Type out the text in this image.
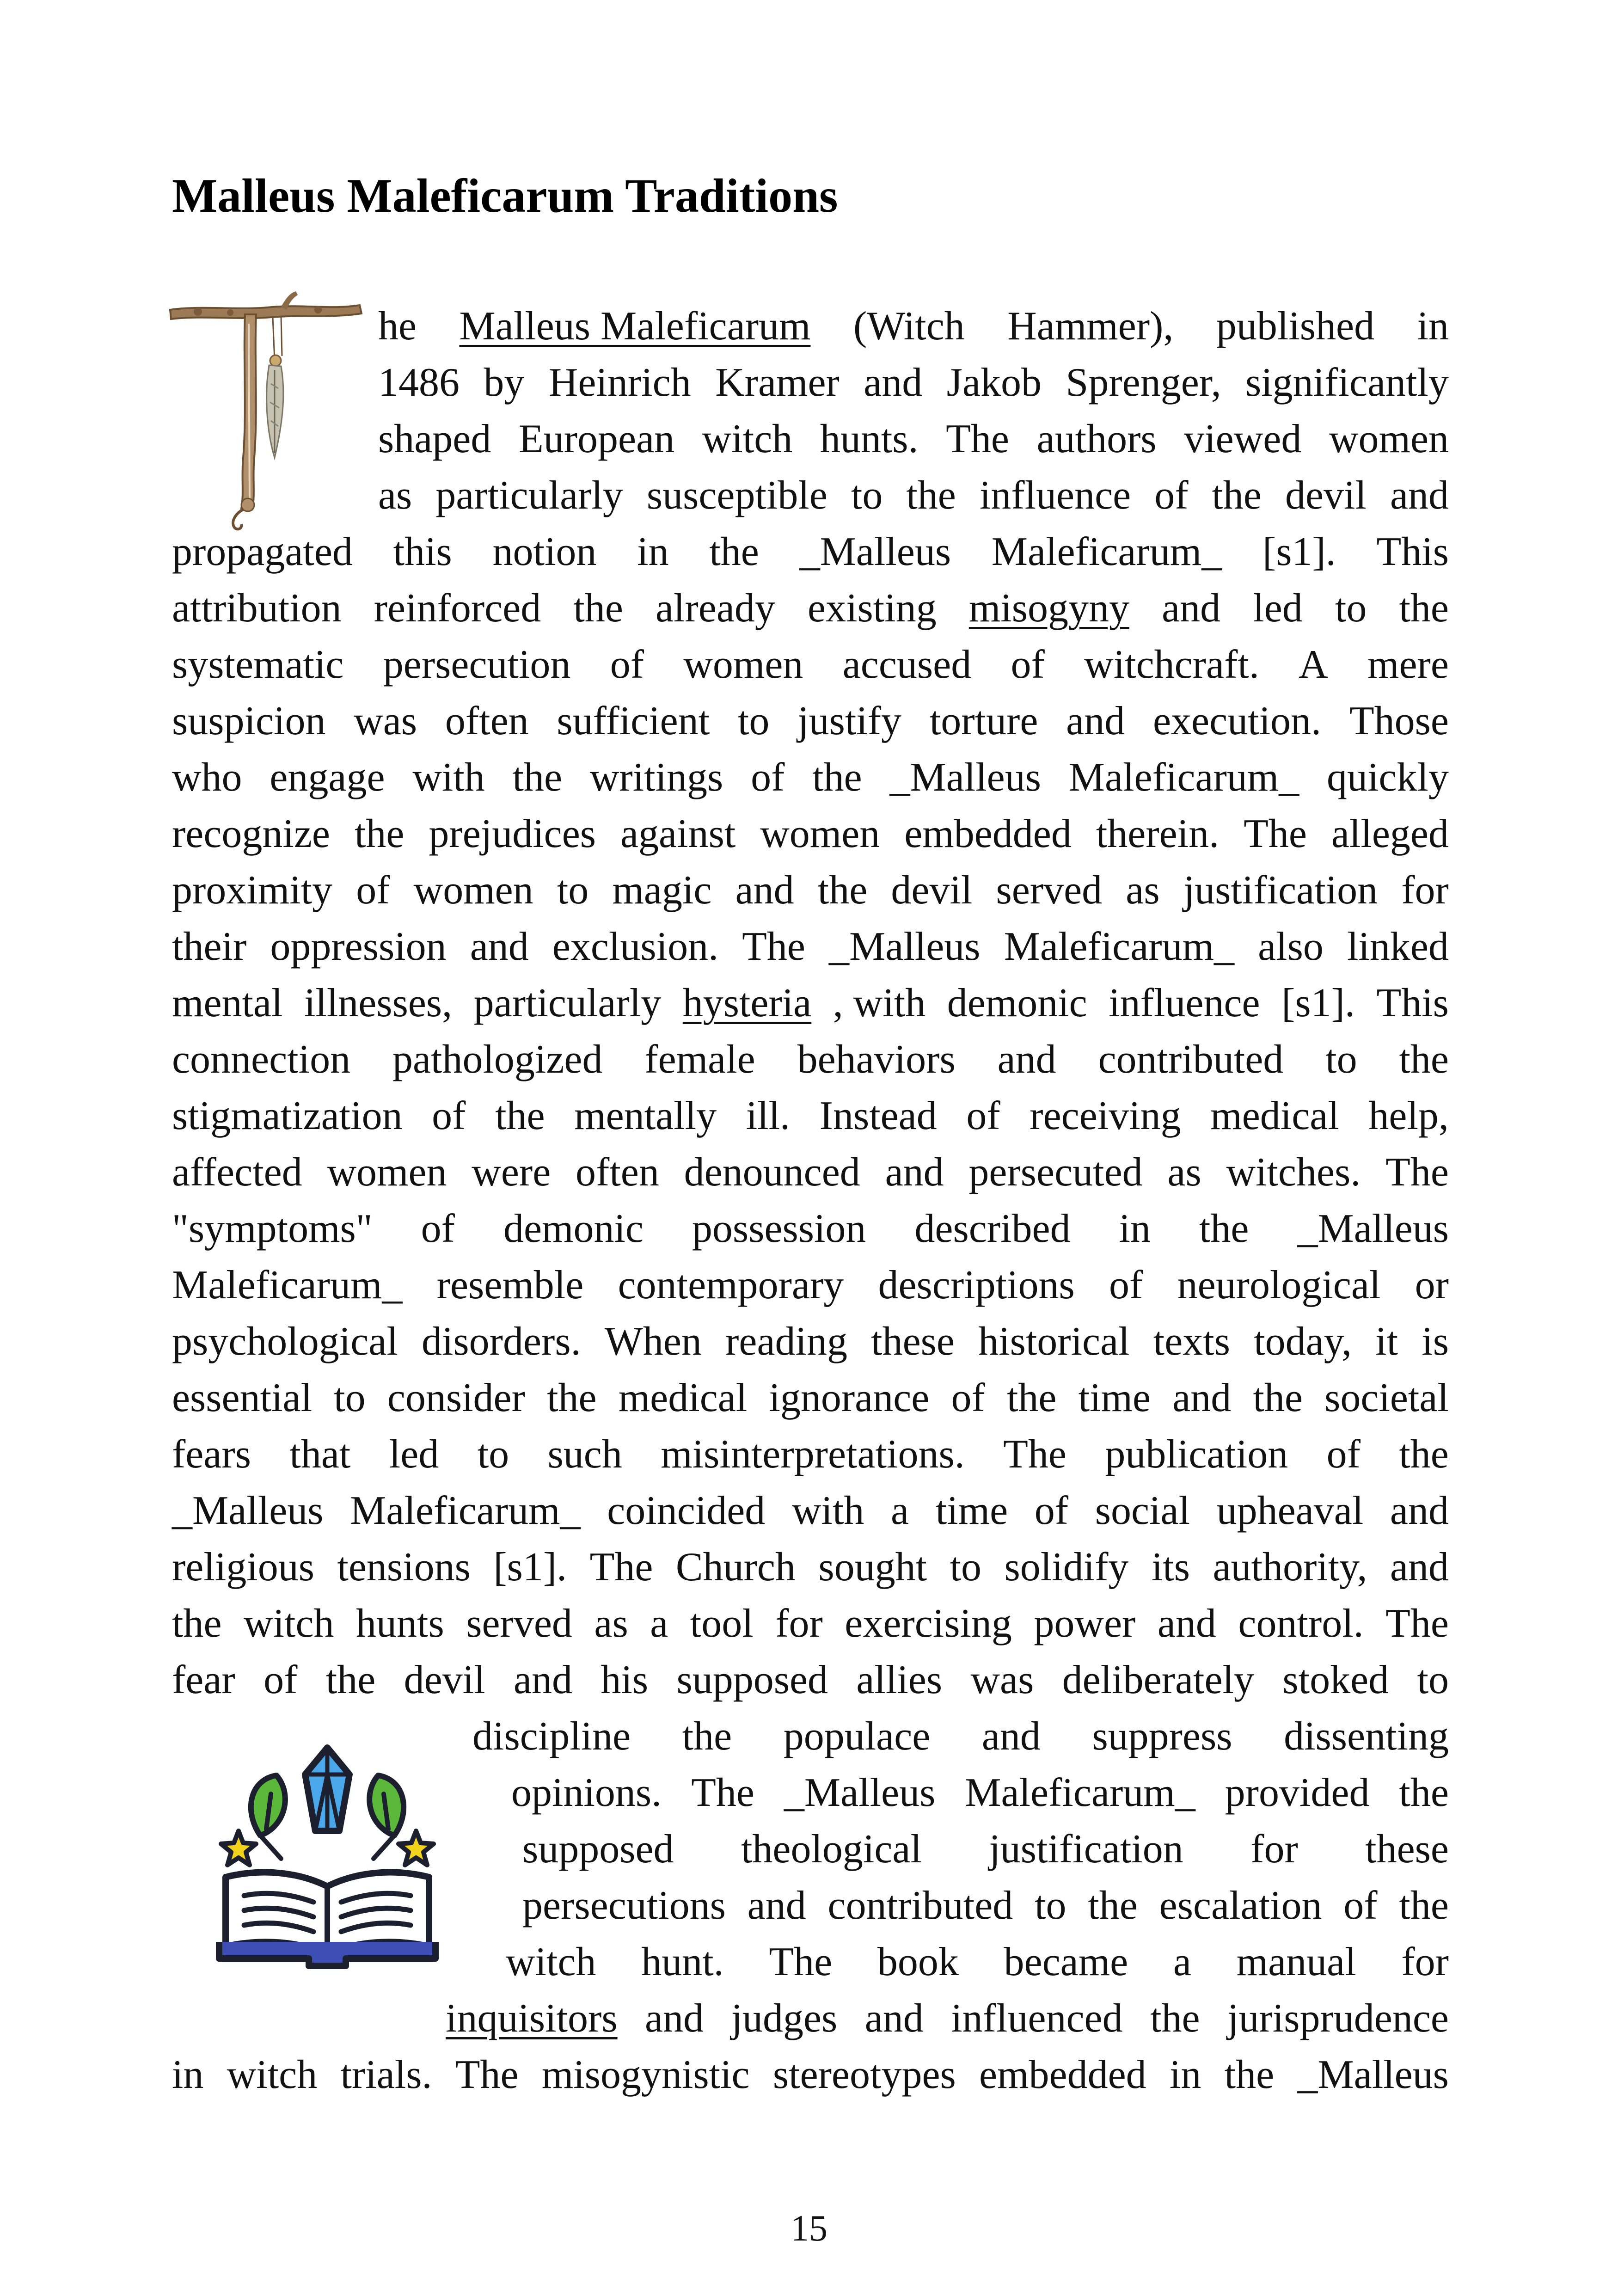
Malleus Maleficarum Traditions
he Malleus Maleficarum (Witch Hammer), published in
1486 by Heinrich Kramer and Jakob Sprenger, significantly
shaped European witch hunts. The authors viewed women
as particularly susceptible to the influence of the devil and
propagated this notion in the _Malleus Maleficarum_ [s1]. This
attribution reinforced the already existing misogyny and led to the
systematic persecution of women accused of witchcraft. A mere
suspicion was often sufficient to justify torture and execution. Those
who engage with the writings of the _Malleus Maleficarum_ quickly
recognize the prejudices against women embedded therein. The alleged
proximity of women to magic and the devil served as justification for
their oppression and exclusion. The _Malleus Maleficarum_ also linked
mental illnesses, particularly hysteria , with demonic influence [s1]. This
connection pathologized female behaviors and contributed to the
stigmatization of the mentally ill. Instead of receiving medical help,
affected women were often denounced and persecuted as witches. The
"symptoms" of demonic possession described in the _Malleus
Maleficarum_ resemble contemporary descriptions of neurological or
psychological disorders. When reading these historical texts today, it is
essential to consider the medical ignorance of the time and the societal
fears that led to such misinterpretations. The publication of the
_Malleus Maleficarum_ coincided with a time of social upheaval and
religious tensions [s1]. The Church sought to solidify its authority, and
the witch hunts served as a tool for exercising power and control. The
fear of the devil and his supposed allies was deliberately stoked to
discipline the populace and suppress dissenting
opinions. The _Malleus Maleficarum_ provided the
supposed theological justification for these
persecutions and contributed to the escalation of the
witch hunt. The book became a manual for
inquisitors and judges and influenced the jurisprudence
in witch trials. The misogynistic stereotypes embedded in the _Malleus
15
